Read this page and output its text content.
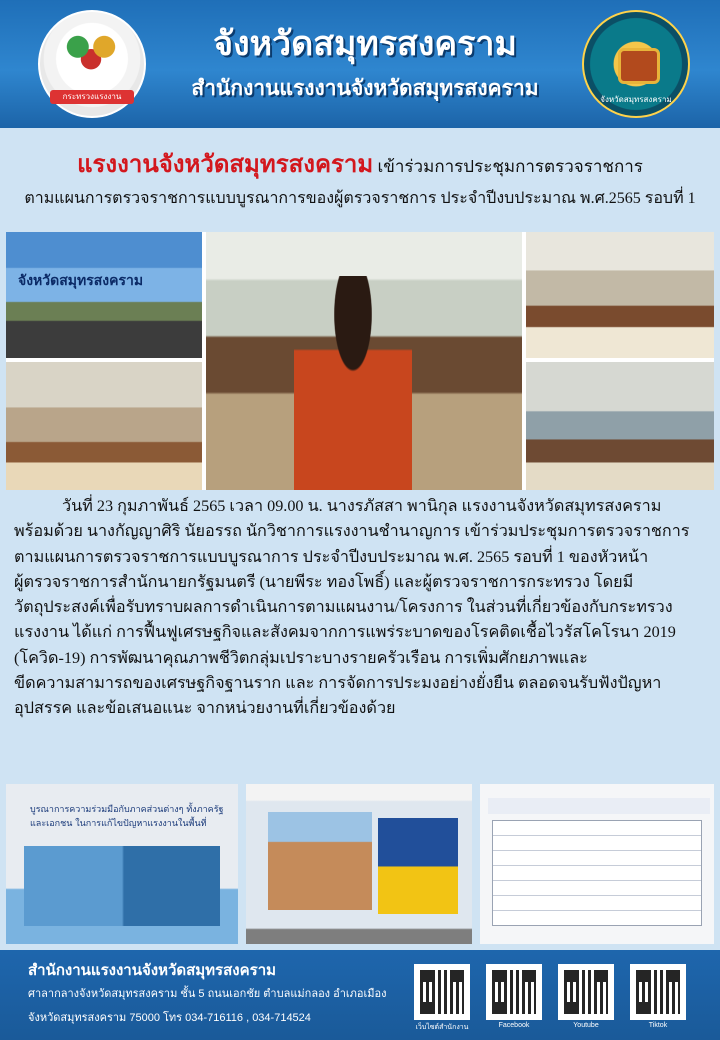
กระทรวงแรงงาน
จังหวัดสมุทรสงคราม
สำนักงานแรงงานจังหวัดสมุทรสงคราม	จังหวัดสมุทรสงคราม
แรงงานจังหวัดสมุทรสงคราม เข้าร่วมการประชุมการตรวจราชการ
ตามแผนการตรวจราชการแบบบูรณาการของผู้ตรวจราชการ ประจำปีงบประมาณ พ.ศ.2565 รอบที่ 1
จังหวัดสมุทรสงคราม
วันที่ 23 กุมภาพันธ์ 2565 เวลา 09.00 น. นางรภัสสา พานิกุล แรงงานจังหวัดสมุทรสงคราม
พร้อมด้วย นางกัญญาศิริ นัยอรรถ นักวิชาการแรงงานชำนาญการ เข้าร่วมประชุมการตรวจราชการ
ตามแผนการตรวจราชการแบบบูรณาการ ประจำปีงบประมาณ พ.ศ. 2565 รอบที่ 1 ของหัวหน้า
ผู้ตรวจราชการสำนักนายกรัฐมนตรี (นายพีระ ทองโพธิ์) และผู้ตรวจราชการกระทรวง โดยมี
วัตถุประสงค์เพื่อรับทราบผลการดำเนินการตามแผนงาน/โครงการ ในส่วนที่เกี่ยวข้องกับกระทรวง
แรงงาน ได้แก่ การฟื้นฟูเศรษฐกิจและสังคมจากการแพร่ระบาดของโรคติดเชื้อไวรัสโคโรนา 2019
(โควิด-19) การพัฒนาคุณภาพชีวิตกลุ่มเปราะบางรายครัวเรือน การเพิ่มศักยภาพและ
ขีดความสามารถของเศรษฐกิจฐานราก และ การจัดการประมงอย่างยั่งยืน ตลอดจนรับฟังปัญหา
อุปสรรค และข้อเสนอแนะ จากหน่วยงานที่เกี่ยวข้องด้วย
บูรณาการความร่วมมือกับภาคส่วนต่างๆ ทั้งภาครัฐและเอกชน ในการแก้ไขปัญหาแรงงานในพื้นที่
สำนักงานแรงงานจังหวัดสมุทรสงคราม
ศาลากลางจังหวัดสมุทรสงคราม ชั้น 5 ถนนเอกชัย ตำบลแม่กลอง อำเภอเมือง
จังหวัดสมุทรสงคราม 75000 โทร 034-716116 , 034-714524
เว็บไซต์สำนักงาน	Facebook	Youtube	Tiktok
